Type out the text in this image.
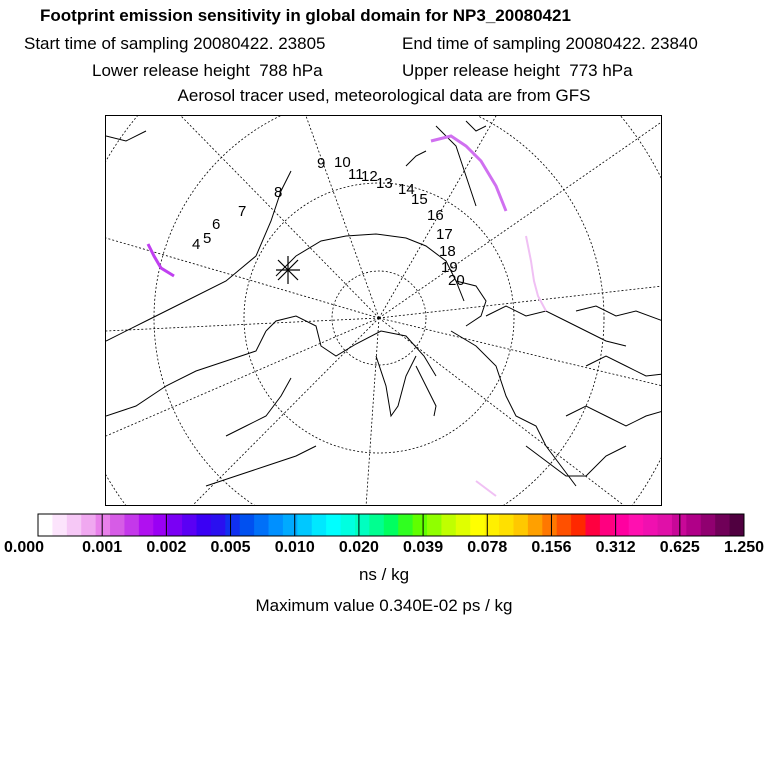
Footprint emission sensitivity in global domain for NP3_20080421
Start time of sampling 20080422. 23805	End time of sampling 20080422. 23840
Lower release height  788 hPa	Upper release height  773 hPa
Aerosol tracer used, meteorological data are from GFS
4 5
6
7
8
9 10
11
12
13 14
15
16
17
18
19
20
0.000 0.001 0.002 0.005 0.010 0.020 0.039 0.078 0.156 0.312 0.625 1.250
ns / kg
Maximum value 0.340E-02 ps / kg
